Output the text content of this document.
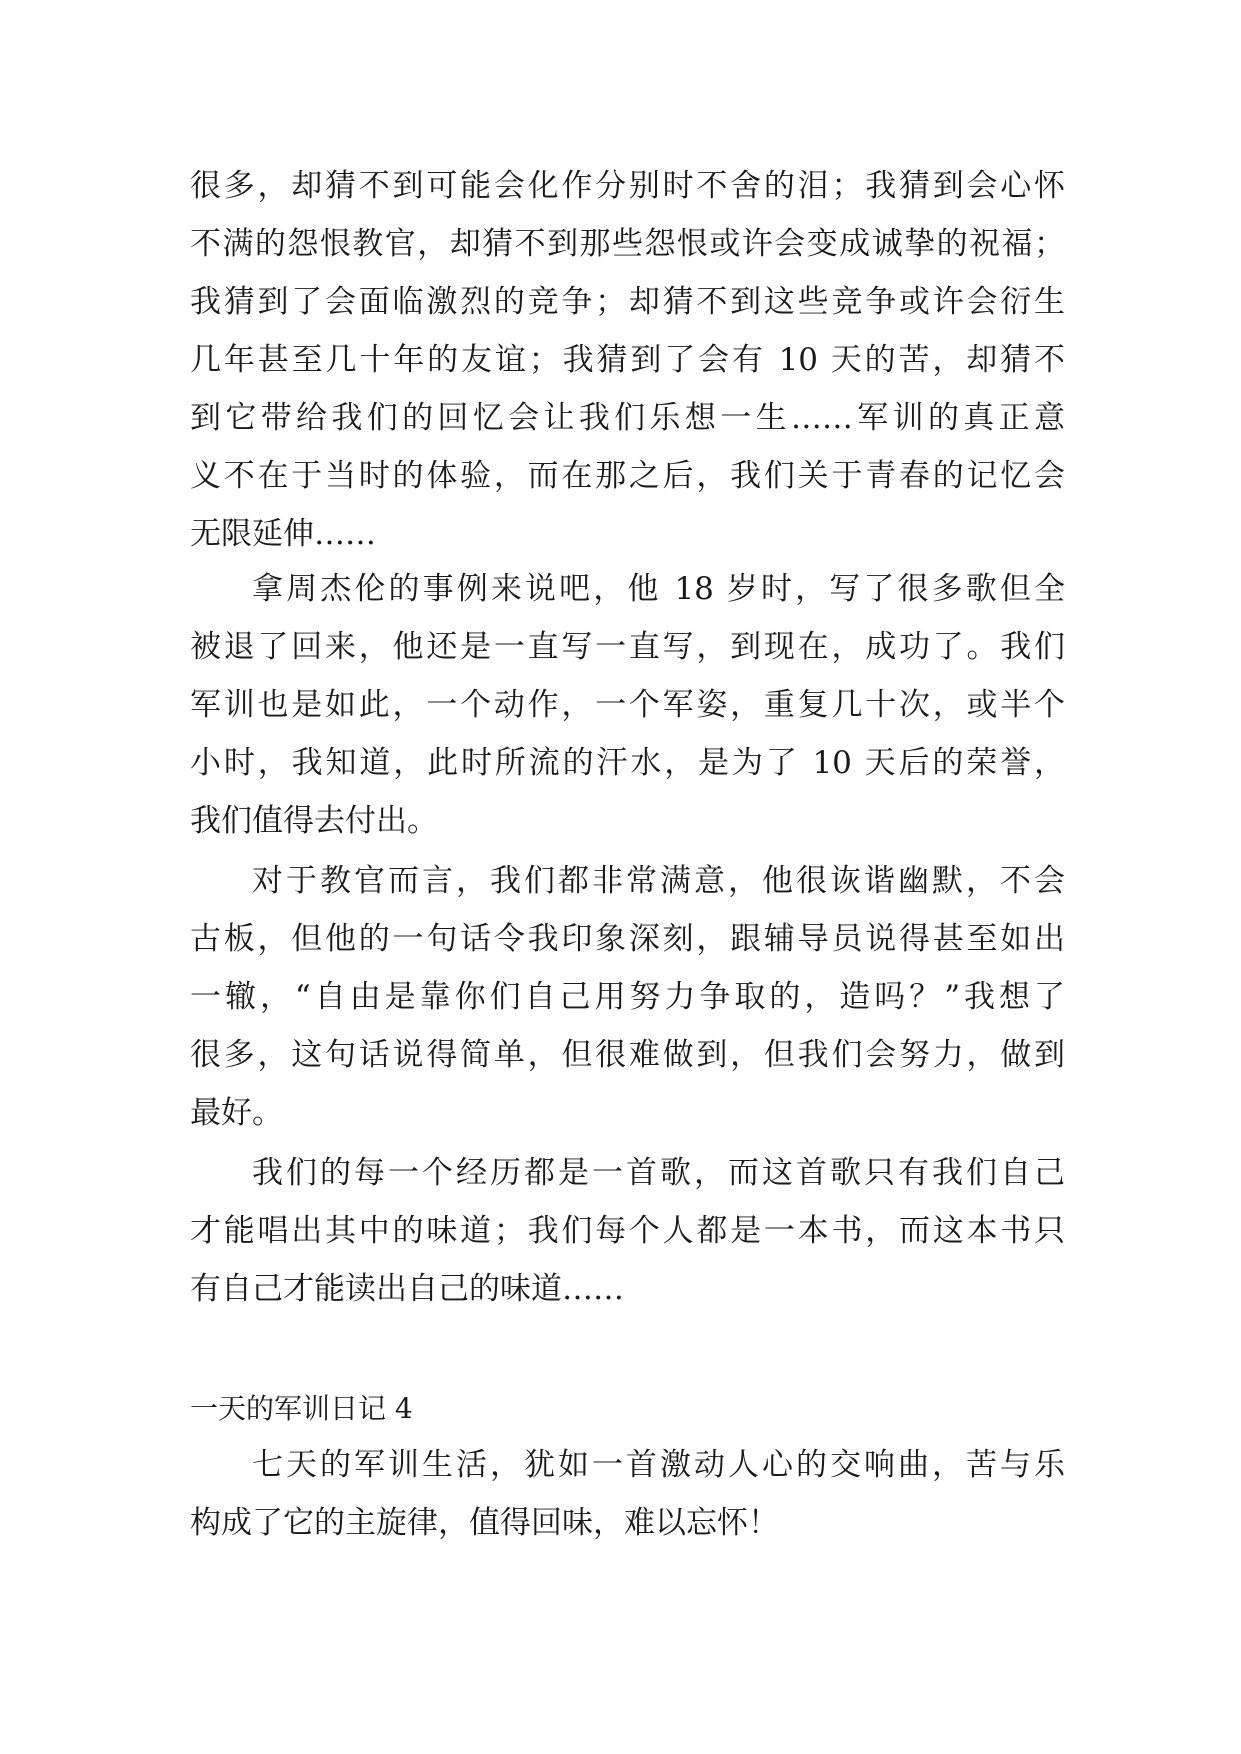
很多，却猜不到可能会化作分别时不舍的泪；我猜到会心怀
不满的怨恨教官，却猜不到那些怨恨或许会变成诚挚的祝福；
我猜到了会面临激烈的竞争；却猜不到这些竞争或许会衍生
几年甚至几十年的友谊；我猜到了会有 10 天的苦，却猜不
到它带给我们的回忆会让我们乐想一生……军训的真正意
义不在于当时的体验，而在那之后，我们关于青春的记忆会
无限延伸……
拿周杰伦的事例来说吧，他 18 岁时，写了很多歌但全
被退了回来，他还是一直写一直写，到现在，成功了。我们
军训也是如此，一个动作，一个军姿，重复几十次，或半个
小时，我知道，此时所流的汗水，是为了 10 天后的荣誉，
我们值得去付出。
对于教官而言，我们都非常满意，他很诙谐幽默，不会
古板，但他的一句话令我印象深刻，跟辅导员说得甚至如出
一辙，“自由是靠你们自己用努力争取的，造吗？”我想了
很多，这句话说得简单，但很难做到，但我们会努力，做到
最好。
我们的每一个经历都是一首歌，而这首歌只有我们自己
才能唱出其中的味道；我们每个人都是一本书，而这本书只
有自己才能读出自己的味道……
一天的军训日记 4
七天的军训生活，犹如一首激动人心的交响曲，苦与乐
构成了它的主旋律，值得回味，难以忘怀！
